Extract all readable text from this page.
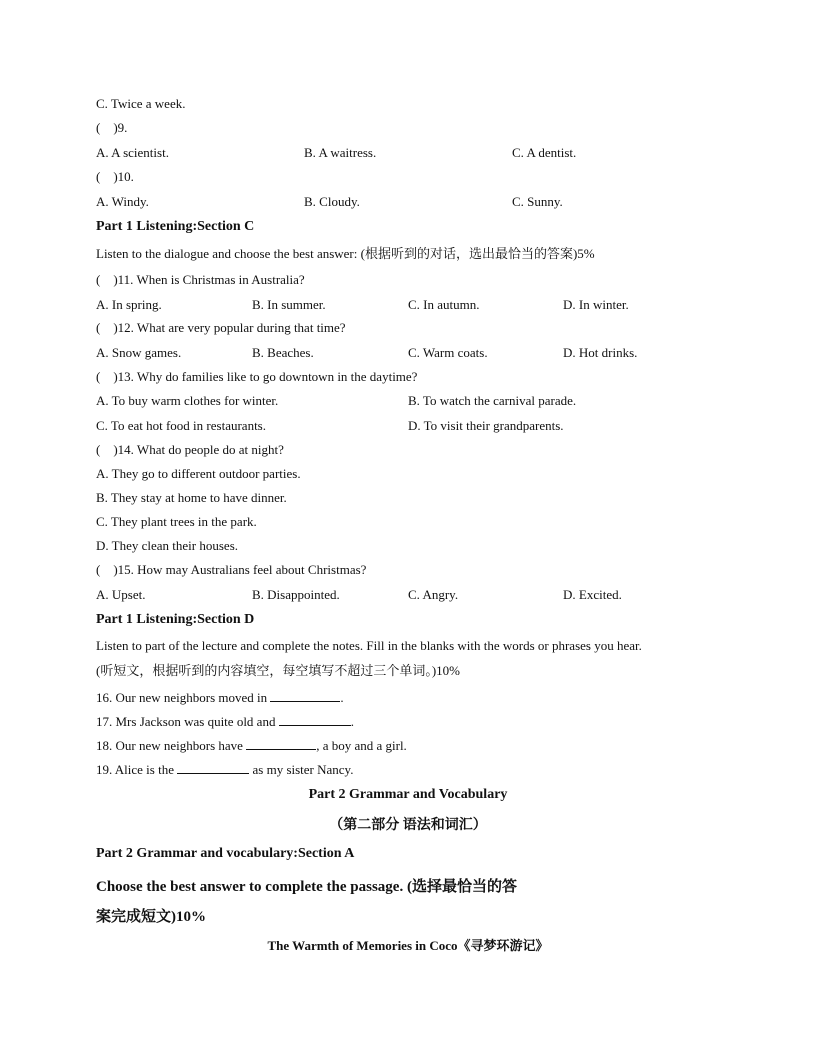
C. Twice a week.
(　)9.
A. A scientist.	B. A waitress.	C. A dentist.
(　)10.
A. Windy.	B. Cloudy.	C. Sunny.
Part 1 Listening:Section C
Listen to the dialogue and choose the best answer: (根据听到的对话，选出最恰当的答案)5%
(　)11. When is Christmas in Australia?
A. In spring.	B. In summer.	C. In autumn.	D. In winter.
(　)12. What are very popular during that time?
A. Snow games.	B. Beaches.	C. Warm coats.	D. Hot drinks.
(　)13. Why do families like to go downtown in the daytime?
A. To buy warm clothes for winter.	B. To watch the carnival parade.
C. To eat hot food in restaurants.	D. To visit their grandparents.
(　)14. What do people do at night?
A. They go to different outdoor parties.
B. They stay at home to have dinner.
C. They plant trees in the park.
D. They clean their houses.
(　)15. How may Australians feel about Christmas?
A. Upset.	B. Disappointed.	C. Angry.	D. Excited.
Part 1 Listening:Section D
Listen to part of the lecture and complete the notes. Fill in the blanks with the words or phrases you hear.
(听短文，根据听到的内容填空，每空填写不超过三个单词。)10%
16. Our new neighbors moved in	.
17. Mrs Jackson was quite old and	.
18. Our new neighbors have	, a boy and a girl.
19. Alice is the	as my sister Nancy.
Part 2 Grammar and Vocabulary
（第二部分 语法和词汇）
Part 2 Grammar and vocabulary:Section A
Choose the best answer to complete the passage. (选择最恰当的答
案完成短文)10%
The Warmth of Memories in Coco《寻梦环游记》
